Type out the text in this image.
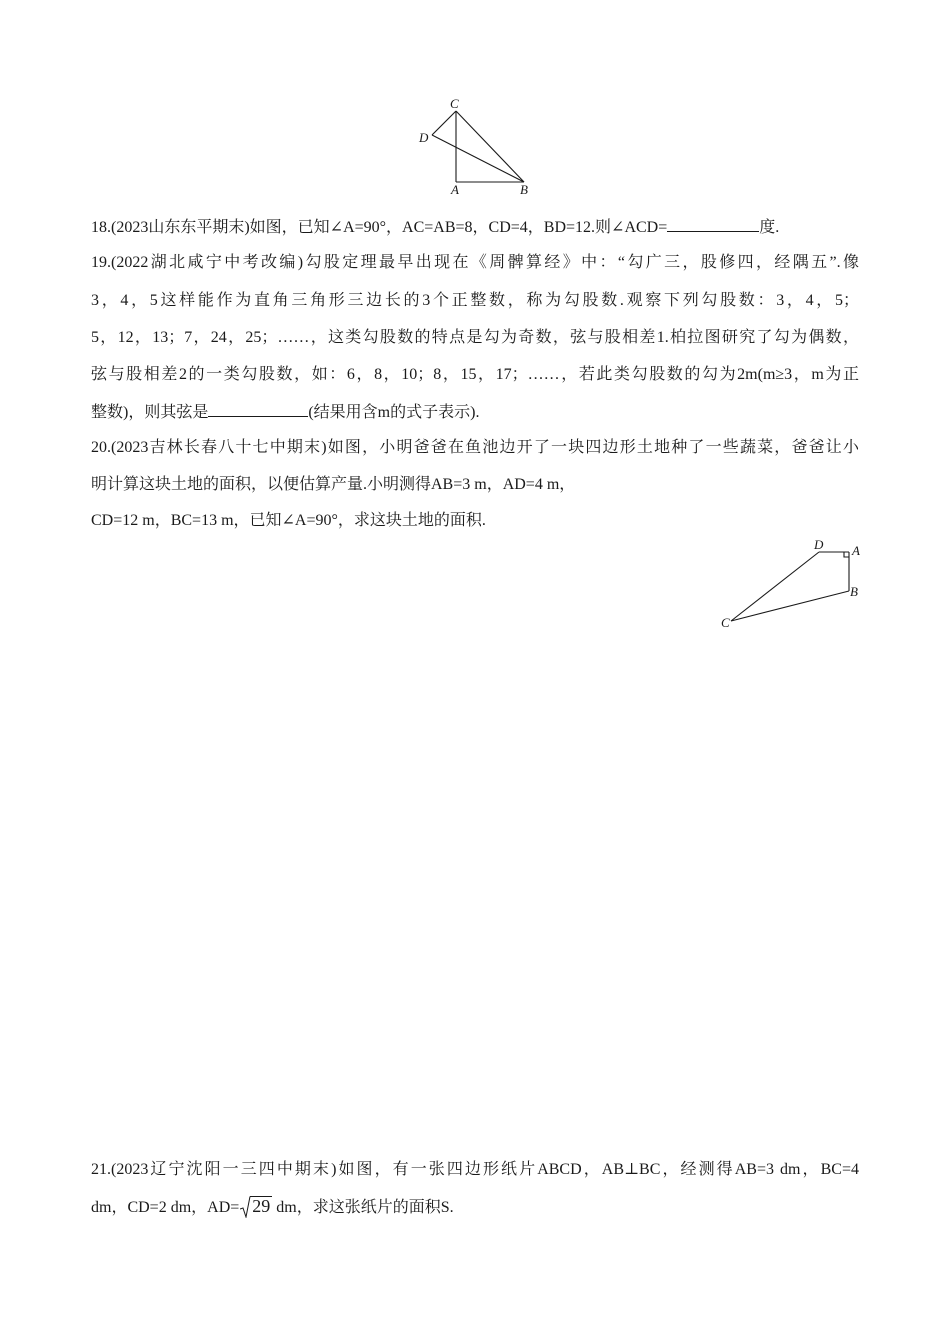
C
D
A	B
18.(2023山东东平期末)如图，已知∠A=90°，AC=AB=8，CD=4，BD=12.则∠ACD=	度.
19.(2022湖北咸宁中考改编)勾股定理最早出现在《周髀算经》中：“勾广三，股修四，经隅五”.像
3，4，5这样能作为直角三角形三边长的3个正整数，称为勾股数.观察下列勾股数：3，4，5；
5，12，13；7，24，25；……，这类勾股数的特点是勾为奇数，弦与股相差1.柏拉图研究了勾为偶数，
弦与股相差2的一类勾股数，如：6，8，10；8，15，17；……，若此类勾股数的勾为2m(m≥3，m为正
整数)，则其弦是	(结果用含m的式子表示).
20.(2023吉林长春八十七中期末)如图，小明爸爸在鱼池边开了一块四边形土地种了一些蔬菜，爸爸让小
明计算这块土地的面积，以便估算产量.小明测得AB=3 m，AD=4 m，
CD=12 m，BC=13 m，已知∠A=90°，求这块土地的面积.
D A
B
C
21.(2023辽宁沈阳一三四中期末)如图，有一张四边形纸片ABCD，AB⊥BC，经测得AB=3 dm，BC=4
dm，CD=2 dm，AD= 29 dm，求这张纸片的面积S.
